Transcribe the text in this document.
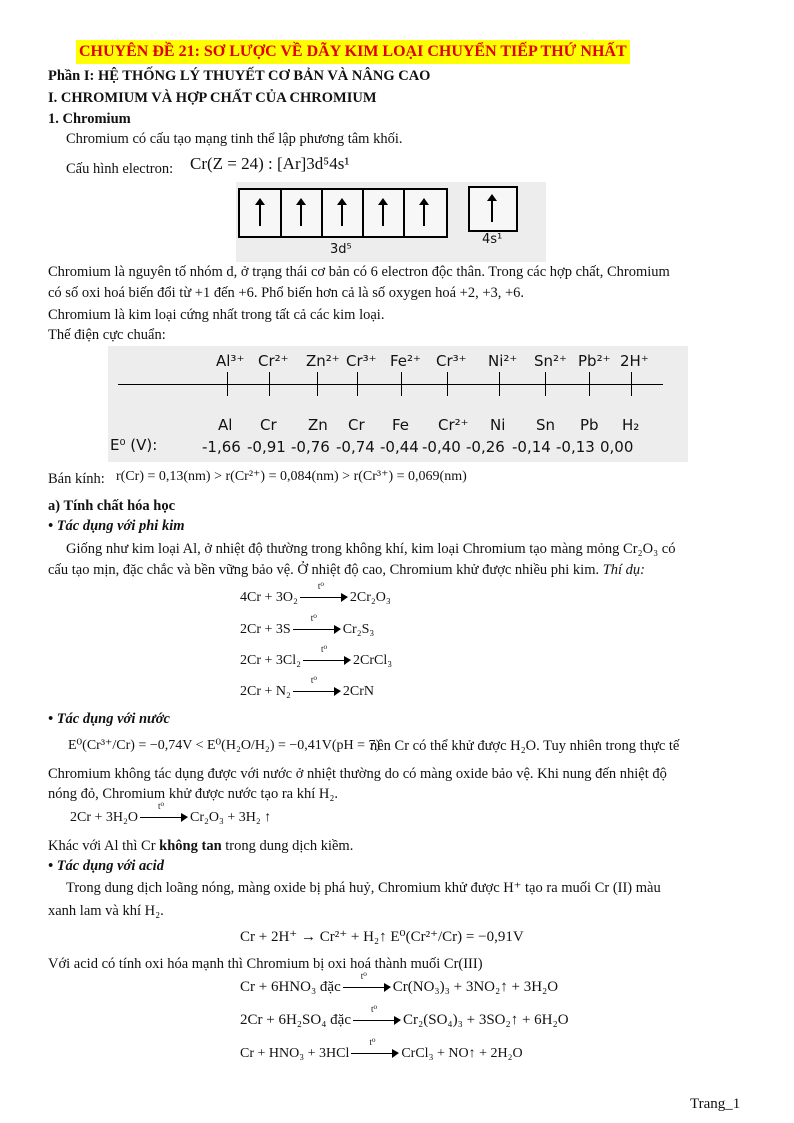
CHUYÊN ĐỀ 21: SƠ LƯỢC VỀ DÃY KIM LOẠI CHUYỂN TIẾP THỨ NHẤT
Phần I: HỆ THỐNG LÝ THUYẾT CƠ BẢN VÀ NÂNG CAO
I. CHROMIUM VÀ HỢP CHẤT CỦA CHROMIUM
1. Chromium
Chromium có cấu tạo mạng tinh thể lập phương tâm khối.
Cấu hình electron: Cr(Z = 24) : [Ar]3d⁵4s¹
3d⁵
4s¹
Chromium là nguyên tố nhóm d, ở trạng thái cơ bản có 6 electron độc thân. Trong các hợp chất, Chromium
có số oxi hoá biến đổi từ +1 đến +6. Phổ biến hơn cả là số oxygen hoá +2, +3, +6.
Chromium là kim loại cứng nhất trong tất cả các kim loại.
Thế điện cực chuẩn:
Al³⁺
Al
-1,66
Cr²⁺
Cr
-0,91
Zn²⁺
Zn
-0,76
Cr³⁺
Cr
-0,74
Fe²⁺
Fe
-0,44
Cr³⁺
Cr²⁺
-0,40
Ni²⁺
Ni
-0,26
Sn²⁺
Sn
-0,14
Pb²⁺
Pb
-0,13
2H⁺
H₂
0,00
E⁰ (V):
Bán kính: r(Cr) = 0,13(nm) > r(Cr²⁺) = 0,084(nm) > r(Cr³⁺) = 0,069(nm)
a) Tính chất hóa học
• Tác dụng với phi kim
Giống như kim loại Al, ở nhiệt độ thường trong không khí, kim loại Chromium tạo màng mỏng Cr₂O₃ có
cấu tạo mịn, đặc chắc và bền vững bảo vệ. Ở nhiệt độ cao, Chromium khử được nhiều phi kim. Thí dụ:
4Cr + 3O₂
t⁰
2Cr₂O₃
2Cr + 3S
t⁰
Cr₂S₃
2Cr + 3Cl₂
t⁰
2CrCl₃
2Cr + N₂
t⁰
2CrN
• Tác dụng với nước
E⁰(Cr³⁺/Cr) = −0,74V < E⁰(H₂O/H₂) = −0,41V(pH = 7)
nên Cr có thể khử được H₂O. Tuy nhiên trong thực tế
Chromium không tác dụng được với nước ở nhiệt thường do có màng oxide bảo vệ. Khi nung đến nhiệt độ
nóng đỏ, Chromium khử được nước tạo ra khí H₂.
2Cr + 3H₂O
t⁰
Cr₂O₃ + 3H₂ ↑
Khác với Al thì Cr không tan trong dung dịch kiềm.
• Tác dụng với acid
Trong dung dịch loãng nóng, màng oxide bị phá huỷ, Chromium khử được H⁺ tạo ra muối Cr (II) màu
xanh lam và khí H₂.
Cr + 2H⁺ → Cr²⁺ + H₂↑ E⁰(Cr²⁺/Cr) = −0,91V
Với acid có tính oxi hóa mạnh thì Chromium bị oxi hoá thành muối Cr(III)
Cr + 6HNO₃ đặc
t⁰
Cr(NO₃)₃ + 3NO₂↑ + 3H₂O
2Cr + 6H₂SO₄ đặc
t⁰
Cr₂(SO₄)₃ + 3SO₂↑ + 6H₂O
Cr + HNO₃ + 3HCl
t⁰
CrCl₃ + NO↑ + 2H₂O
Trang_1
